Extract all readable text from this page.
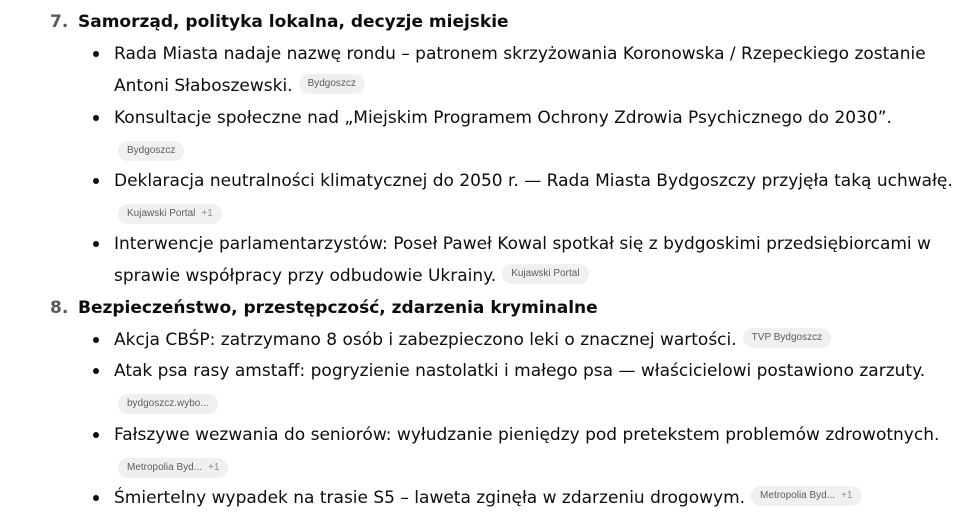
7. Samorząd, polityka lokalna, decyzje miejskie
Rada Miasta nadaje nazwę rondu – patronem skrzyżowania Koronowska / Rzepeckiego zostanie
Antoni Słaboszewski. Bydgoszcz
Konsultacje społeczne nad „Miejskim Programem Ochrony Zdrowia Psychicznego do 2030”.
Bydgoszcz
Deklaracja neutralności klimatycznej do 2050 r. — Rada Miasta Bydgoszczy przyjęła taką uchwałę.
Kujawski Portal +1
Interwencje parlamentarzystów: Poseł Paweł Kowal spotkał się z bydgoskimi przedsiębiorcami w
sprawie współpracy przy odbudowie Ukrainy. Kujawski Portal
8. Bezpieczeństwo, przestępczość, zdarzenia kryminalne
Akcja CBŚP: zatrzymano 8 osób i zabezpieczono leki o znacznej wartości. TVP Bydgoszcz
Atak psa rasy amstaff: pogryzienie nastolatki i małego psa — właścicielowi postawiono zarzuty.
bydgoszcz.wybo...
Fałszywe wezwania do seniorów: wyłudzanie pieniędzy pod pretekstem problemów zdrowotnych.
Metropolia Byd... +1
Śmiertelny wypadek na trasie S5 – laweta zginęła w zdarzeniu drogowym. Metropolia Byd... +1
